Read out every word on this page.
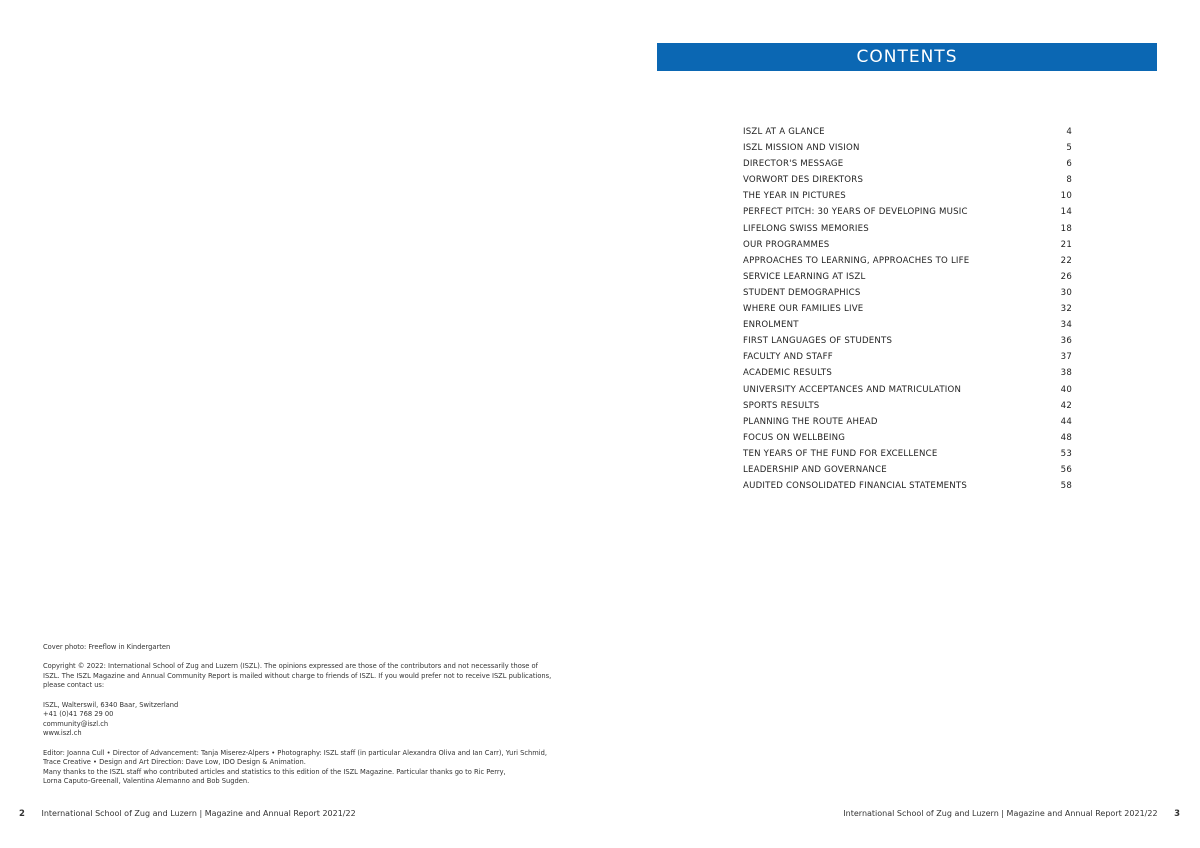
CONTENTS
ISZL AT A GLANCE	4
ISZL MISSION AND VISION	5
DIRECTOR'S MESSAGE	6
VORWORT DES DIREKTORS	8
THE YEAR IN PICTURES	10
PERFECT PITCH: 30 YEARS OF DEVELOPING MUSIC	14
LIFELONG SWISS MEMORIES	18
OUR PROGRAMMES	21
APPROACHES TO LEARNING, APPROACHES TO LIFE	22
SERVICE LEARNING AT ISZL	26
STUDENT DEMOGRAPHICS	30
WHERE OUR FAMILIES LIVE	32
ENROLMENT	34
FIRST LANGUAGES OF STUDENTS	36
FACULTY AND STAFF	37
ACADEMIC RESULTS	38
UNIVERSITY ACCEPTANCES AND MATRICULATION	40
SPORTS RESULTS	42
PLANNING THE ROUTE AHEAD	44
FOCUS ON WELLBEING	48
TEN YEARS OF THE FUND FOR EXCELLENCE	53
LEADERSHIP AND GOVERNANCE	56
AUDITED CONSOLIDATED FINANCIAL STATEMENTS	58

Cover photo: Freeflow in Kindergarten

Copyright © 2022: International School of Zug and Luzern (ISZL). The opinions expressed are those of the contributors and not necessarily those of
ISZL. The ISZL Magazine and Annual Community Report is mailed without charge to friends of ISZL. If you would prefer not to receive ISZL publications,
please contact us:

ISZL, Walterswil, 6340 Baar, Switzerland
+41 (0)41 768 29 00
community@iszl.ch
www.iszl.ch

Editor: Joanna Cull • Director of Advancement: Tanja Miserez-Alpers • Photography: ISZL staff (in particular Alexandra Oliva and Ian Carr), Yuri Schmid,
Trace Creative • Design and Art Direction: Dave Low, IDO Design & Animation.
Many thanks to the ISZL staff who contributed articles and statistics to this edition of the ISZL Magazine. Particular thanks go to Ric Perry,
Lorna Caputo-Greenall, Valentina Alemanno and Bob Sugden.

2 International School of Zug and Luzern | Magazine and Annual Report 2021/22	International School of Zug and Luzern | Magazine and Annual Report 2021/22 3
